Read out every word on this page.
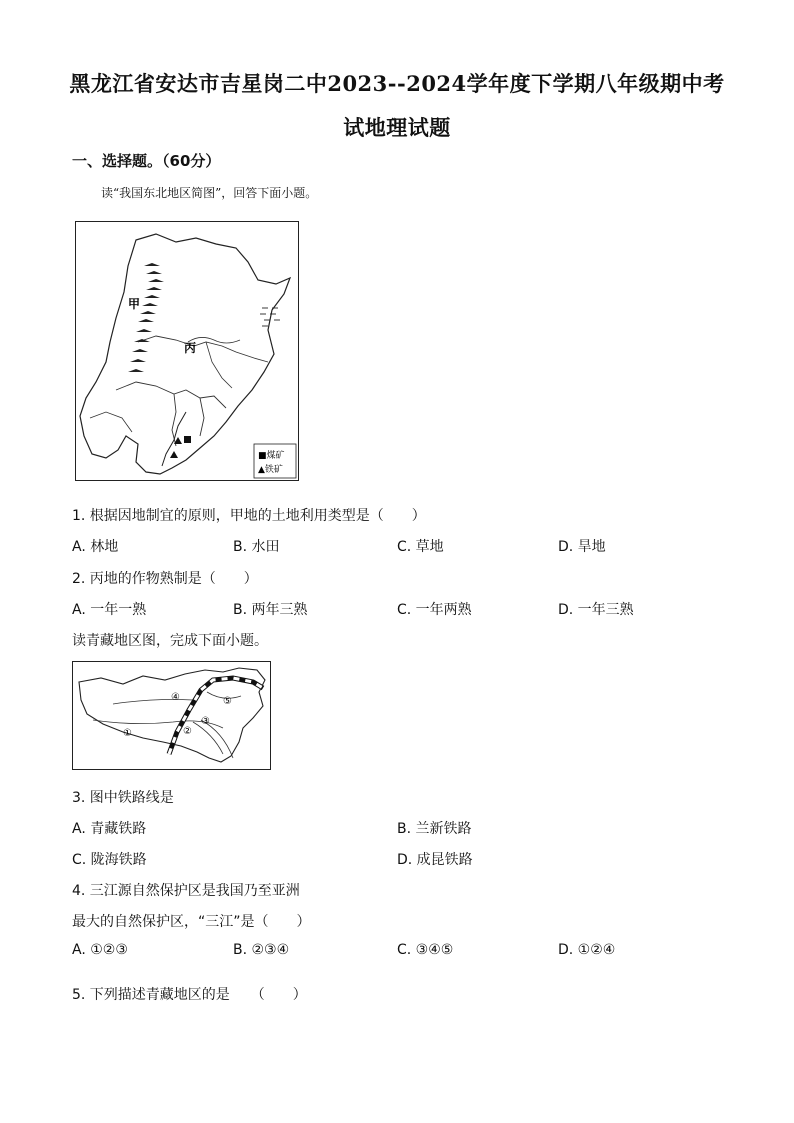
黑龙江省安达市吉星岗二中2023--2024学年度下学期八年级期中考
试地理试题
一、选择题。（60分）
读“我国东北地区简图”，回答下面小题。
■煤矿
▲铁矿
甲
丙
1. 根据因地制宜的原则，甲地的土地利用类型是（　　）
A. 林地	B. 水田	C. 草地	D. 旱地
2. 丙地的作物熟制是（　　）
A. 一年一熟	B. 两年三熟	C. 一年两熟	D. 一年三熟
读青藏地区图，完成下面小题。
①	②
③
④	⑤
3. 图中铁路线是
A. 青藏铁路	B. 兰新铁路
C. 陇海铁路	D. 成昆铁路
4. 三江源自然保护区是我国乃至亚洲
最大的自然保护区，“三江”是（　　）
A. ①②③	B. ②③④	C. ③④⑤	D. ①②④
5. 下列描述青藏地区的是　　（　　）
